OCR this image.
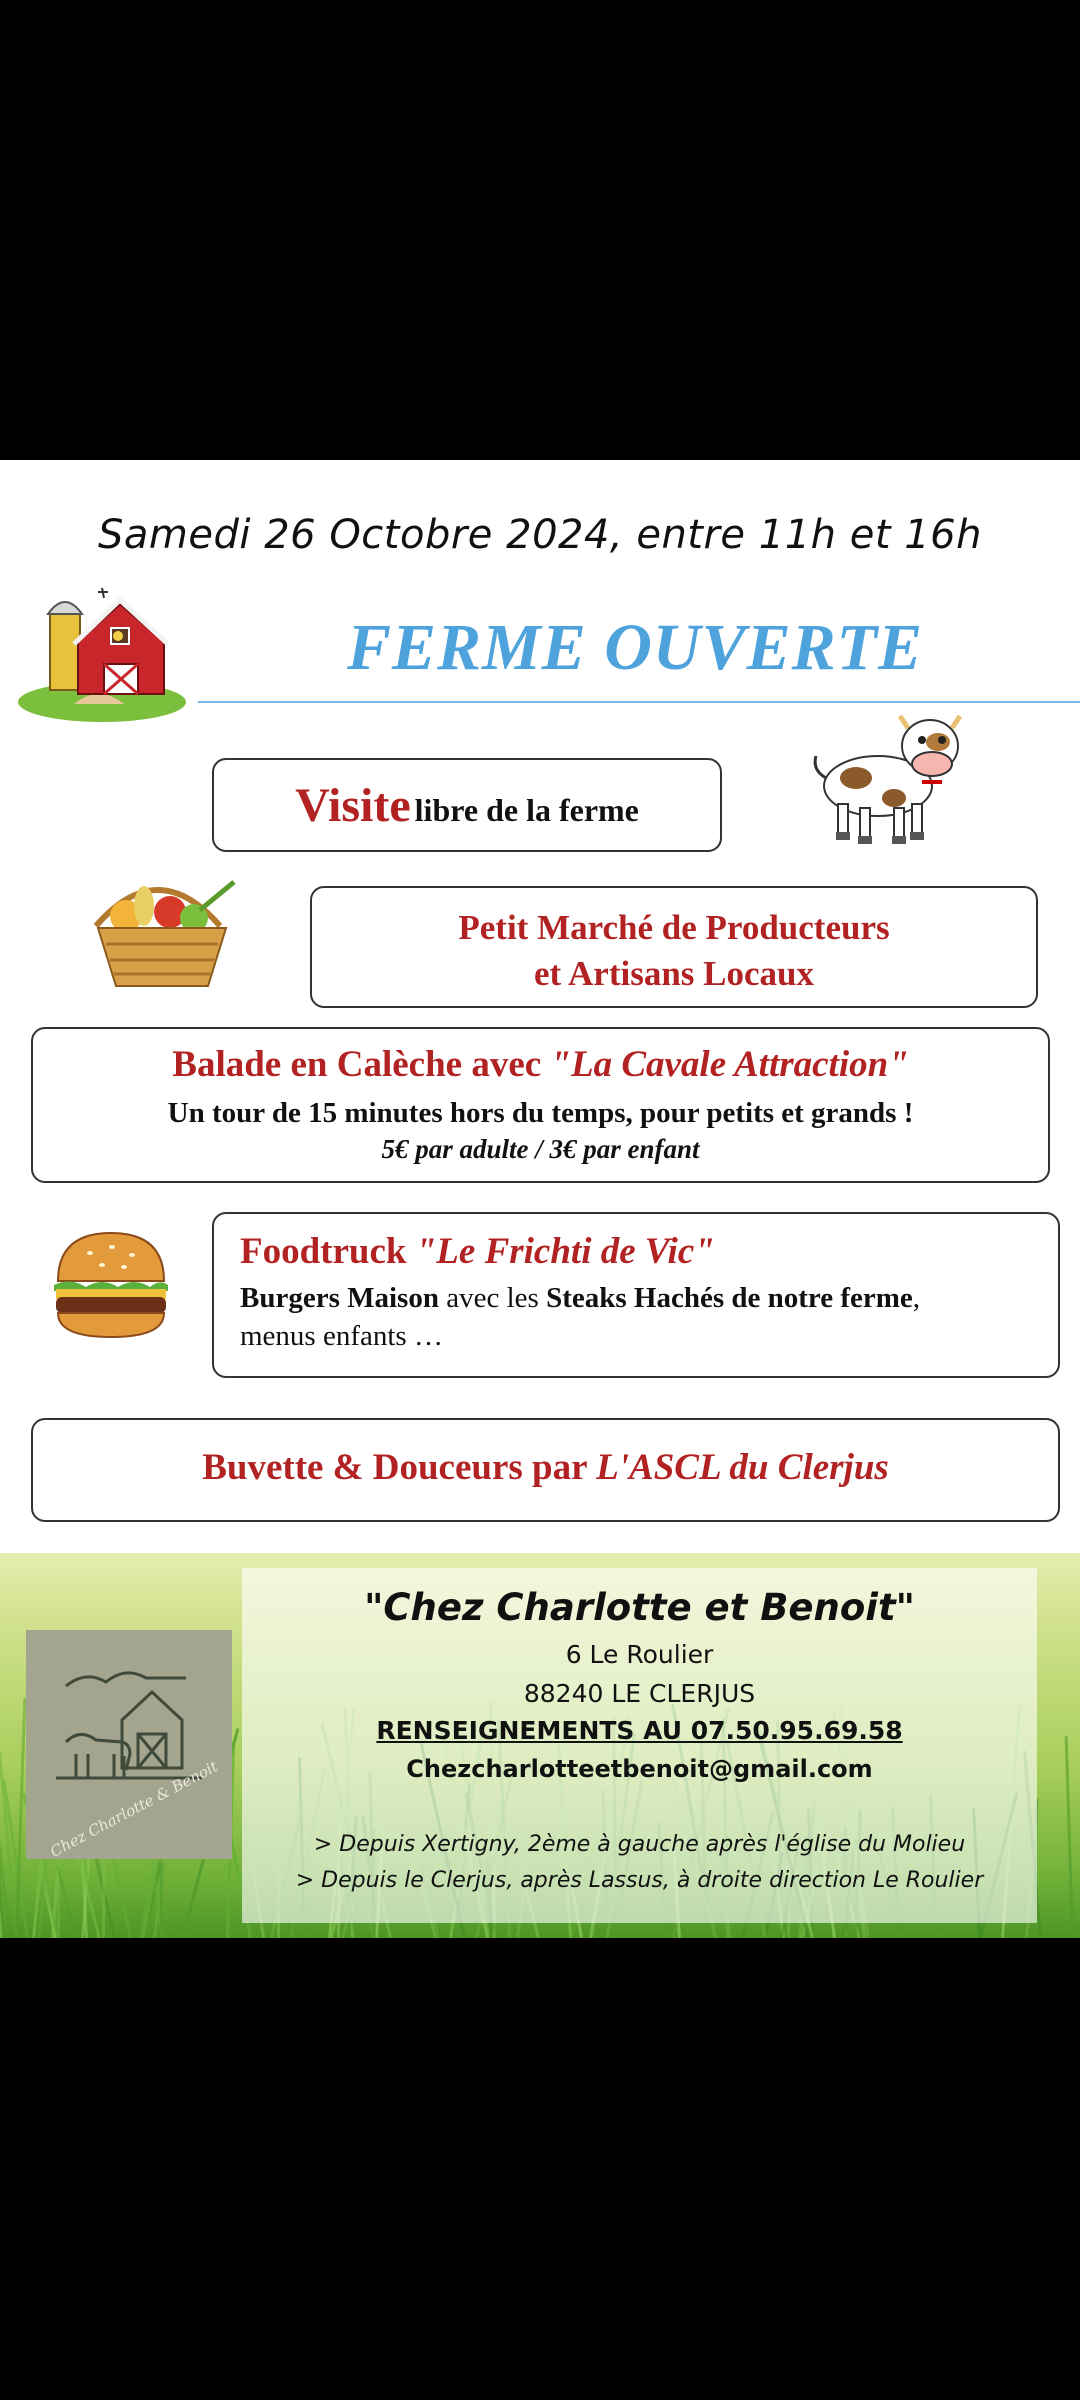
Samedi 26 Octobre 2024, entre 11h et 16h
FERME OUVERTE
Visite libre de la ferme
Petit Marché de Producteurs
et Artisans Locaux
Balade en Calèche avec "La Cavale Attraction"
Un tour de 15 minutes hors du temps, pour petits et grands !
5€ par adulte / 3€ par enfant
Foodtruck "Le Frichti de Vic"
Burgers Maison avec les Steaks Hachés de notre ferme,
menus enfants …
Buvette & Douceurs par L'ASCL du Clerjus
Chez Charlotte & Benoit
"Chez Charlotte et Benoit"
6 Le Roulier
88240 LE CLERJUS
RENSEIGNEMENTS AU 07.50.95.69.58
Chezcharlotteetbenoit@gmail.com
> Depuis Xertigny, 2ème à gauche après l'église du Molieu
> Depuis le Clerjus, après Lassus, à droite direction Le Roulier
